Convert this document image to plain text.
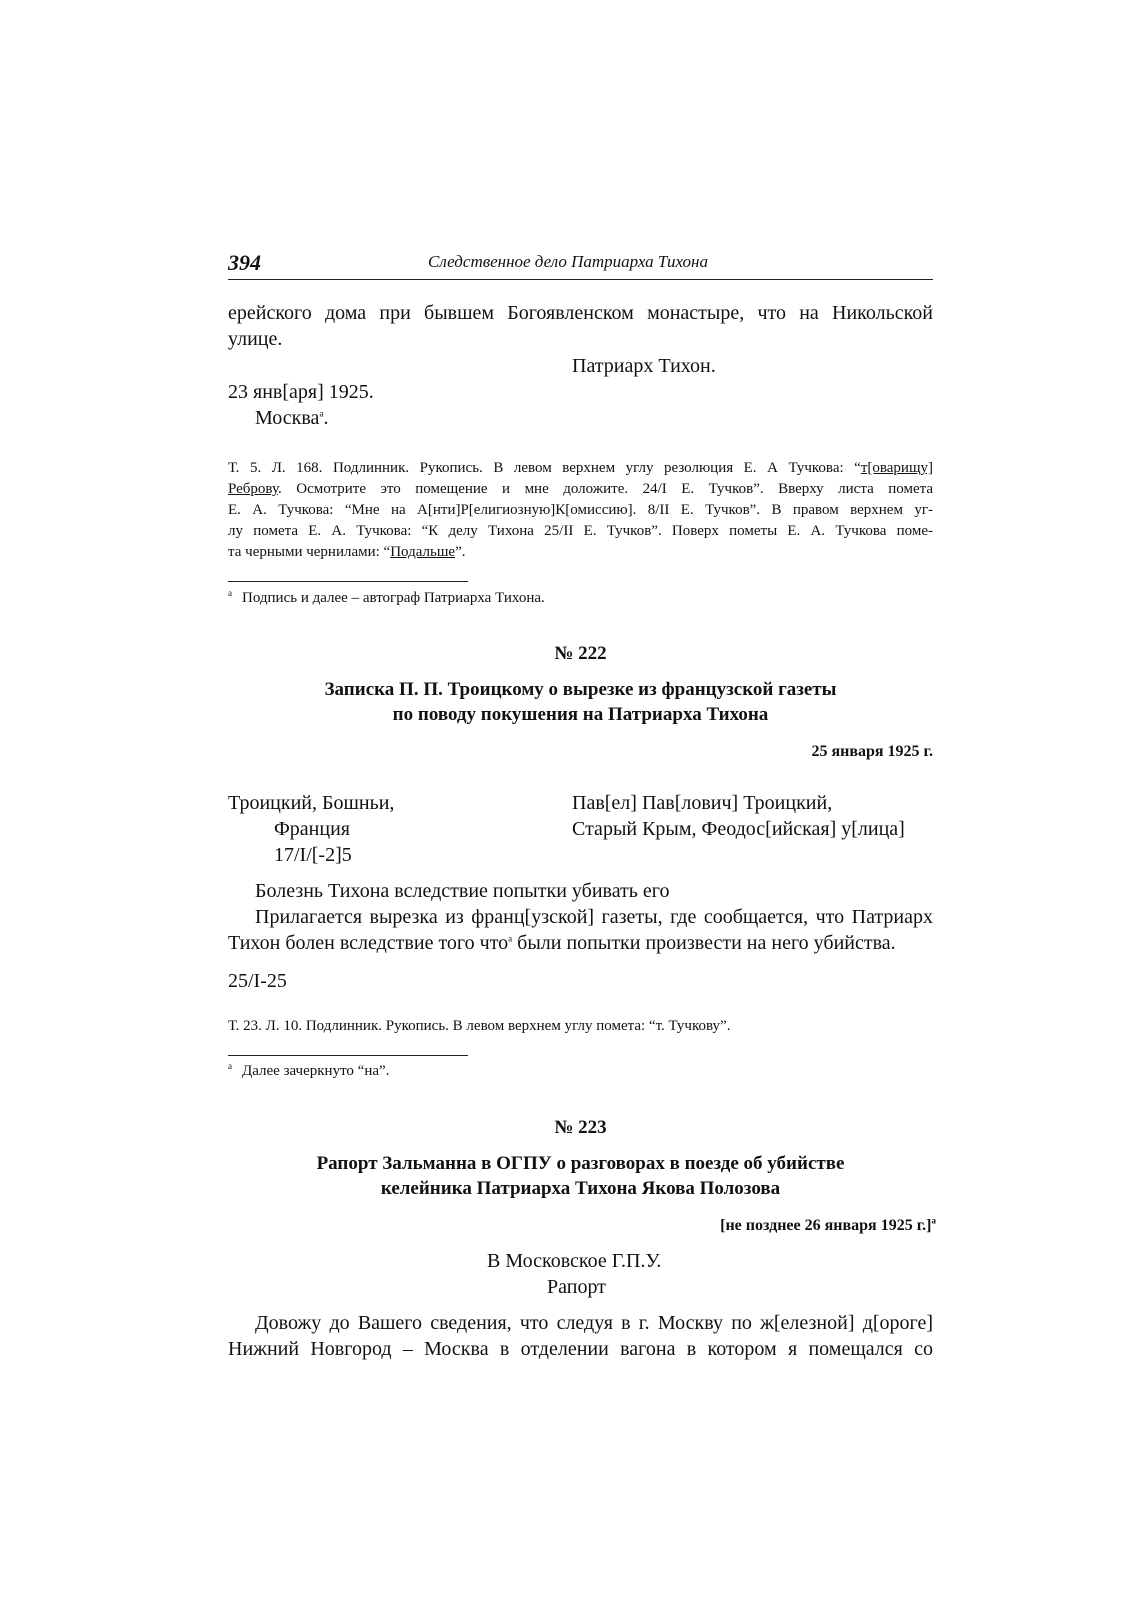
394	Следственное дело Патриарха Тихона
ерейского дома при бывшем Богоявленском монастыре, что на Никольской
улице.
Патриарх Тихон.
23 янв[аря] 1925.
Москва$^а$.
Т. 5. Л. 168. Подлинник. Рукопись. В левом верхнем углу резолюция Е. А Тучкова: “т[оварищу]
Реброву. Осмотрите это помещение и мне доложите. 24/I Е. Тучков”. Вверху листа помета
Е. А. Тучкова: “Мне на А[нти]Р[елигиозную]К[омиссию]. 8/II Е. Тучков”. В правом верхнем уг-
лу помета Е. А. Тучкова: “К делу Тихона 25/II Е. Тучков”. Поверх пометы Е. А. Тучкова поме-
та черными чернилами: “Подальше”.
$^а$ Подпись и далее – автограф Патриарха Тихона.
№ 222
Записка П. П. Троицкому о вырезке из французской газеты
по поводу покушения на Патриарха Тихона
25 января 1925 г.
Троицкий, Бошньи,
Франция
17/I/[-2]5
Пав[ел] Пав[лович] Троицкий,
Старый Крым, Феодос[ийская] у[лица]
Болезнь Тихона вследствие попытки убивать его
Прилагается вырезка из франц[узской] газеты, где сообщается, что Патриарх
Тихон болен вследствие того что$^а$ были попытки произвести на него убийства.
25/I-25
Т. 23. Л. 10. Подлинник. Рукопись. В левом верхнем углу помета: “т. Тучкову”.
$^а$ Далее зачеркнуто “на”.
№ 223
Рапорт Зальманна в ОГПУ о разговорах в поезде об убийстве
келейника Патриарха Тихона Якова Полозова
[не позднее 26 января 1925 г.]$^а$
В Московское Г.П.У.
Рапорт
Довожу до Вашего сведения, что следуя в г. Москву по ж[елезной] д[ороге]
Нижний Новгород – Москва в отделении вагона в котором я помещался со
